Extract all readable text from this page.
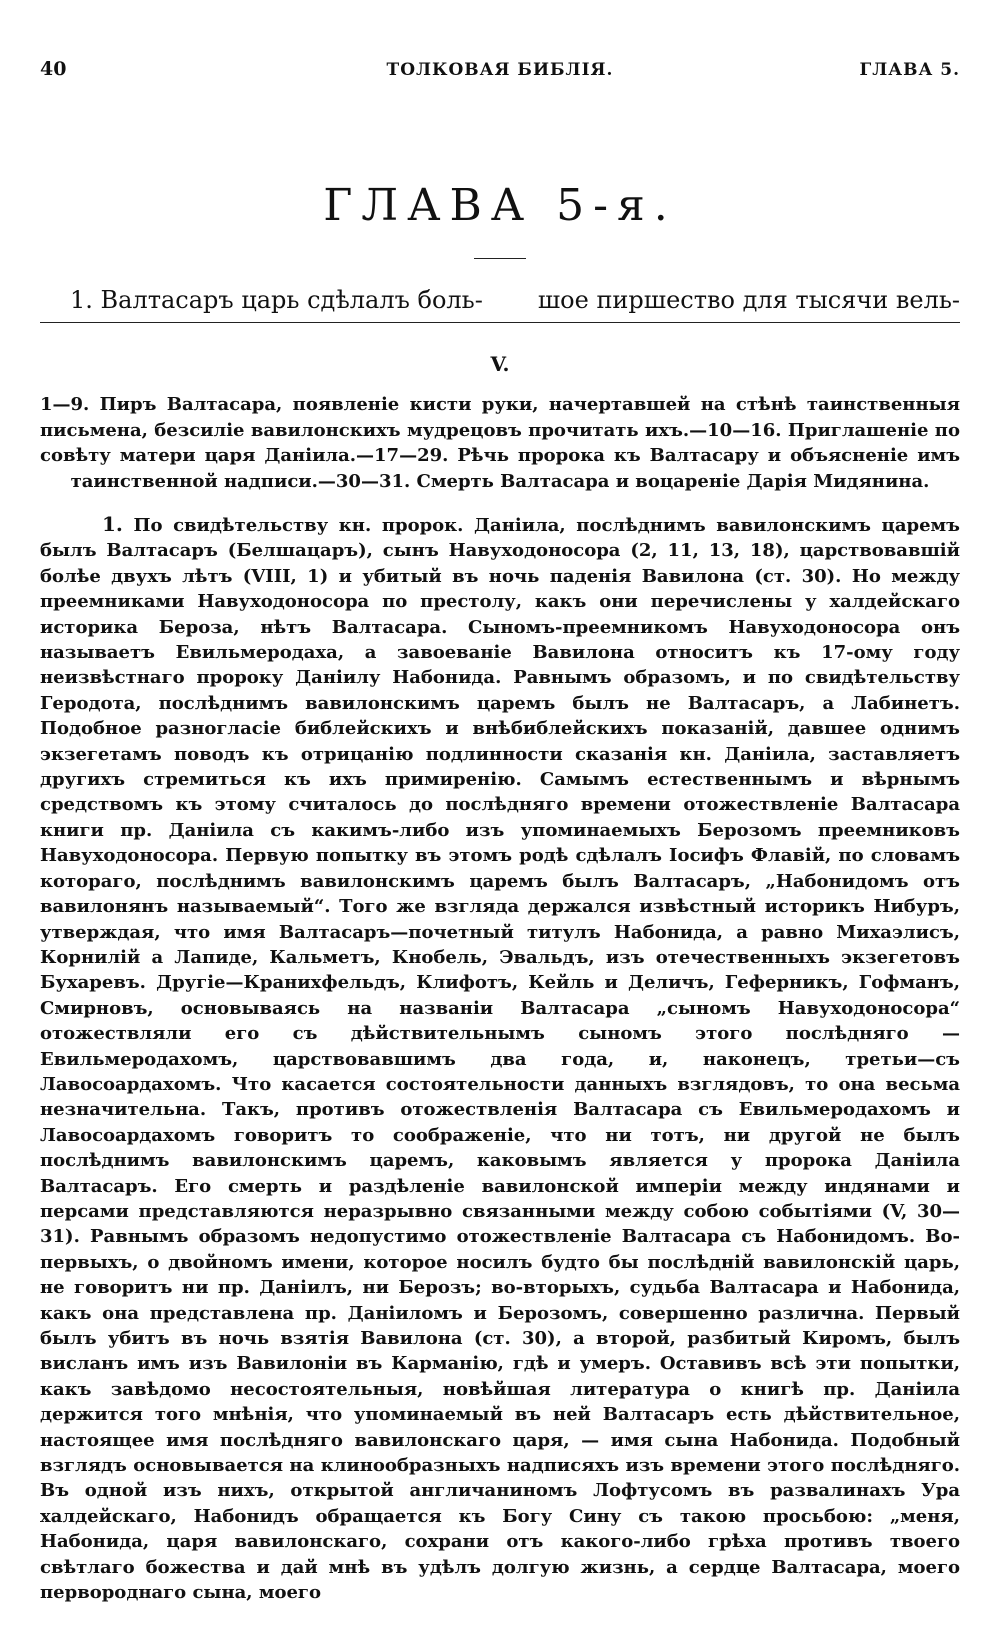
40	ТОЛКОВАЯ БИБЛІЯ.	ГЛАВА 5.
ГЛАВА 5-я.
1. Валтасаръ царь сдѣлалъ боль- шое пиршество для тысячи вель-
V.
1—9. Пиръ Валтасара, появленіе кисти руки, начертавшей на стѣнѣ таинственныя письмена, безсиліе вавилонскихъ мудрецовъ прочитать ихъ.—10—16. Приглашеніе по совѣту матери царя Даніила.—17—29. Рѣчь пророка къ Валтасару и объясненіе имъ таинственной надписи.—30—31. Смерть Валтасара и воцареніе Дарія Мидянина.
1. По свидѣтельству кн. пророк. Даніила, послѣднимъ вавилонскимъ царемъ былъ Валтасаръ (Белшацаръ), сынъ Навуходоносора (2, 11, 13, 18), царствовавшій болѣе двухъ лѣтъ (VIII, 1) и убитый въ ночь паденія Вавилона (ст. 30). Но между преемниками Навуходоносора по престолу, какъ они перечислены у халдейскаго историка Бероза, нѣтъ Валтасара. Сыномъ-преемникомъ Навуходоносора онъ называетъ Евильмеродаха, а завоеваніе Вавилона относитъ къ 17-ому году неизвѣстнаго пророку Даніилу Набонида. Равнымъ образомъ, и по свидѣтельству Геродота, послѣднимъ вавилонскимъ царемъ былъ не Валтасаръ, а Лабинетъ. Подобное разногласіе библейскихъ и внѣбиблейскихъ показаній, давшее однимъ экзегетамъ поводъ къ отрицанію подлинности сказанія кн. Даніила, заставляетъ другихъ стремиться къ ихъ примиренію. Самымъ естественнымъ и вѣрнымъ средствомъ къ этому считалось до послѣдняго времени отожествленіе Валтасара книги пр. Даніила съ какимъ-либо изъ упоминаемыхъ Берозомъ преемниковъ Навуходоносора. Первую попытку въ этомъ родѣ сдѣлалъ Іосифъ Флавій, по словамъ котораго, послѣднимъ вавилонскимъ царемъ былъ Валтасаръ, „Набонидомъ отъ вавилонянъ называемый“. Того же взгляда держался извѣстный историкъ Нибуръ, утверждая, что имя Валтасаръ—почетный титулъ Набонида, а равно Михаэлисъ, Корнилій а Лапиде, Кальметъ, Кнобель, Эвальдъ, изъ отечественныхъ экзегетовъ Бухаревъ. Другіе—Кранихфельдъ, Клифотъ, Кейль и Деличъ, Геферникъ, Гофманъ, Смирновъ, основываясь на названіи Валтасара „сыномъ Навуходоносора“ отожествляли его съ дѣйствительнымъ сыномъ этого послѣдняго — Евильмеродахомъ, царствовавшимъ два года, и, наконецъ, третьи—съ Лавосоардахомъ. Что касается состоятельности данныхъ взглядовъ, то она весьма незначительна. Такъ, противъ отожествленія Валтасара съ Евильмеродахомъ и Лавосоардахомъ говоритъ то соображеніе, что ни тотъ, ни другой не былъ послѣднимъ вавилонскимъ царемъ, каковымъ является у пророка Даніила Валтасаръ. Его смерть и раздѣленіе вавилонской имперіи между индянами и персами представляются неразрывно связанными между собою событіями (V, 30—31). Равнымъ образомъ недопустимо отожествленіе Валтасара съ Набонидомъ. Во-первыхъ, о двойномъ имени, которое носилъ будто бы послѣдній вавилонскій царь, не говоритъ ни пр. Даніилъ, ни Берозъ; во-вторыхъ, судьба Валтасара и Набонида, какъ она представлена пр. Даніиломъ и Берозомъ, совершенно различна. Первый былъ убитъ въ ночь взятія Вавилона (ст. 30), а второй, разбитый Киромъ, былъ висланъ имъ изъ Вавилоніи въ Карманію, гдѣ и умеръ. Оставивъ всѣ эти попытки, какъ завѣдомо несостоятельныя, новѣйшая литература о книгѣ пр. Даніила держится того мнѣнія, что упоминаемый въ ней Валтасаръ есть дѣйствительное, настоящее имя послѣдняго вавилонскаго царя, — имя сына Набонида. Подобный взглядъ основывается на клинообразныхъ надписяхъ изъ времени этого послѣдняго. Въ одной изъ нихъ, открытой англичаниномъ Лофтусомъ въ развалинахъ Ура халдейскаго, Набонидъ обращается къ Богу Сину съ такою просьбою: „меня, Набонида, царя вавилонскаго, сохрани отъ какого-либо грѣха противъ твоего свѣтлаго божества и дай мнѣ въ удѣлъ долгую жизнь, а сердце Валтасара, моего первороднаго сына, моего
